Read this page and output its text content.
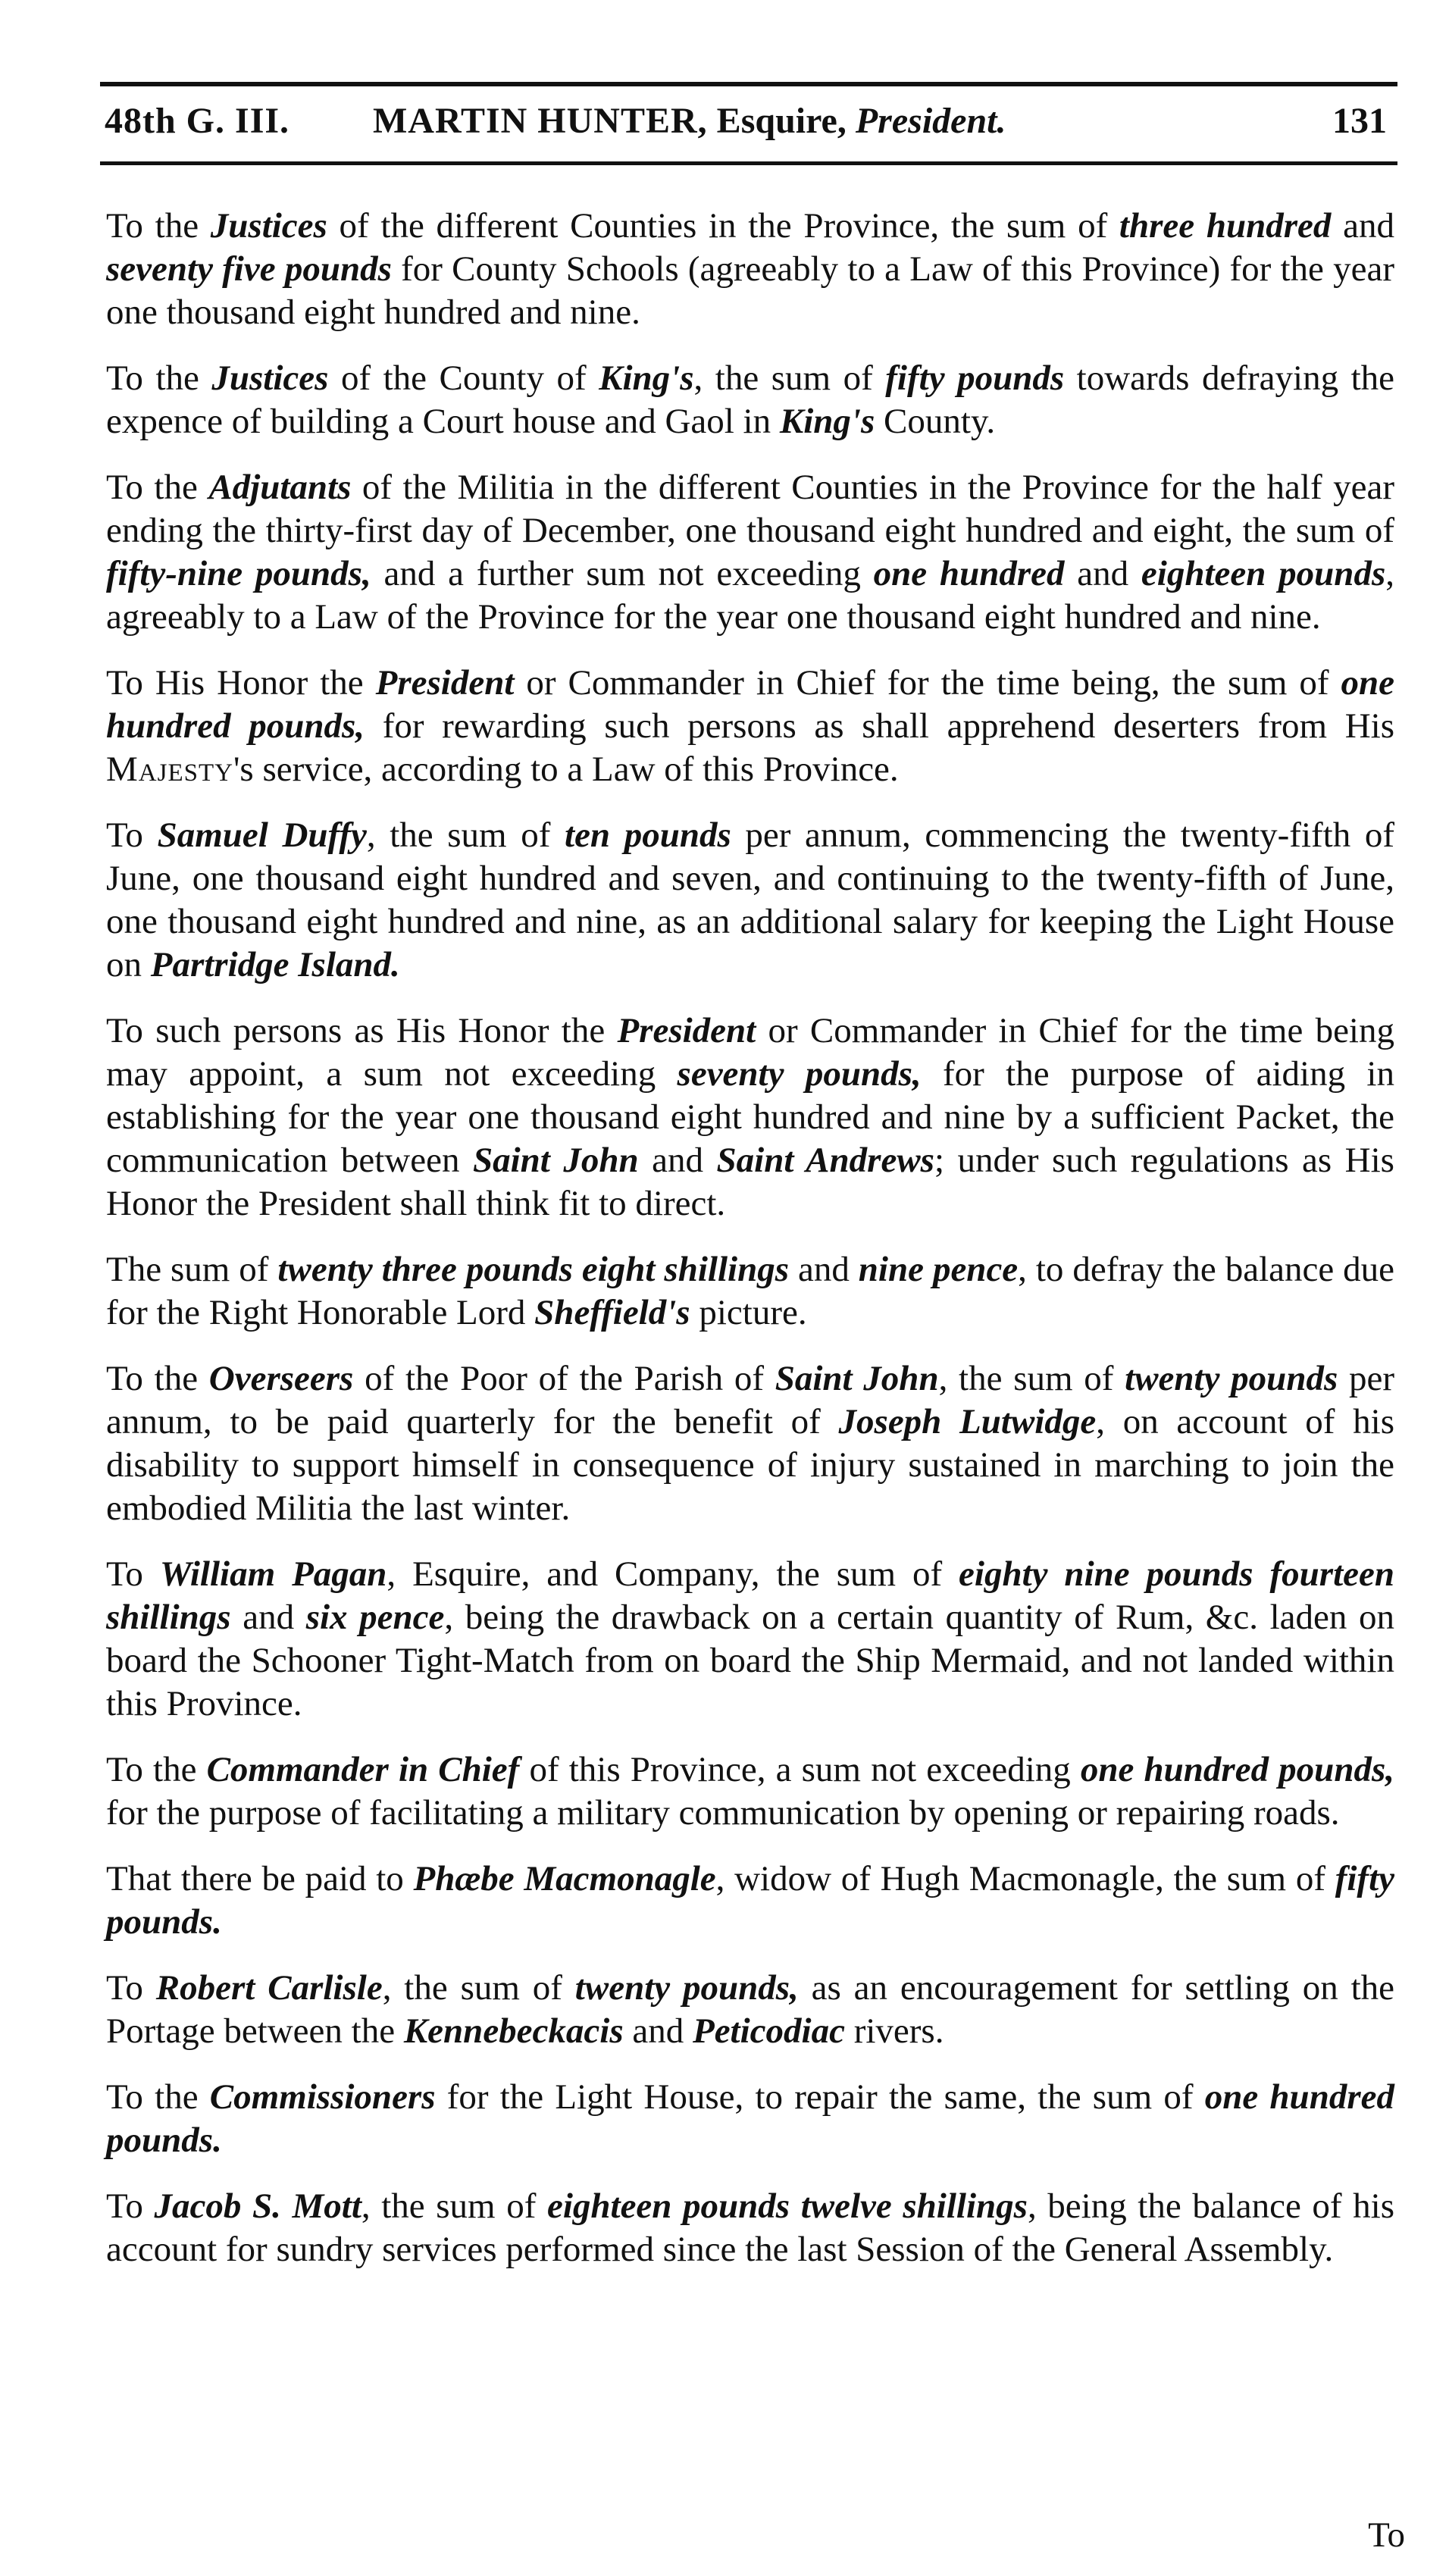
48th G. III. MARTIN HUNTER, Esquire, President.	131

To the Justices of the different Counties in the Province, the sum of three hundred and seventy five pounds for County Schools (agreeably to a Law of this Province) for the year one thousand eight hundred and nine.

To the Justices of the County of King's, the sum of fifty pounds towards defraying the expence of building a Court house and Gaol in King's County.

To the Adjutants of the Militia in the different Counties in the Province for the half year ending the thirty-first day of December, one thousand eight hundred and eight, the sum of fifty-nine pounds, and a further sum not exceeding one hundred and eighteen pounds, agreeably to a Law of the Province for the year one thousand eight hundred and nine.

To His Honor the President or Commander in Chief for the time being, the sum of one hundred pounds, for rewarding such persons as shall apprehend deserters from His Majesty's service, according to a Law of this Province.

To Samuel Duffy, the sum of ten pounds per annum, commencing the twenty-fifth of June, one thousand eight hundred and seven, and continuing to the twenty-fifth of June, one thousand eight hundred and nine, as an additional salary for keeping the Light House on Partridge Island.

To such persons as His Honor the President or Commander in Chief for the time being may appoint, a sum not exceeding seventy pounds, for the purpose of aiding in establishing for the year one thousand eight hundred and nine by a sufficient Packet, the communication between Saint John and Saint Andrews; under such regulations as His Honor the President shall think fit to direct.

The sum of twenty three pounds eight shillings and nine pence, to defray the balance due for the Right Honorable Lord Sheffield's picture.

To the Overseers of the Poor of the Parish of Saint John, the sum of twenty pounds per annum, to be paid quarterly for the benefit of Joseph Lutwidge, on account of his disability to support himself in consequence of injury sustained in marching to join the embodied Militia the last winter.

To William Pagan, Esquire, and Company, the sum of eighty nine pounds fourteen shillings and six pence, being the drawback on a certain quantity of Rum, &c. laden on board the Schooner Tight-Match from on board the Ship Mermaid, and not landed within this Province.

To the Commander in Chief of this Province, a sum not exceeding one hundred pounds, for the purpose of facilitating a military communication by opening or repairing roads.

That there be paid to Phæbe Macmonagle, widow of Hugh Macmonagle, the sum of fifty pounds.

To Robert Carlisle, the sum of twenty pounds, as an encouragement for settling on the Portage between the Kennebeckacis and Peticodiac rivers.

To the Commissioners for the Light House, to repair the same, the sum of one hundred pounds.

To Jacob S. Mott, the sum of eighteen pounds twelve shillings, being the balance of his account for sundry services performed since the last Session of the General Assembly.

To
